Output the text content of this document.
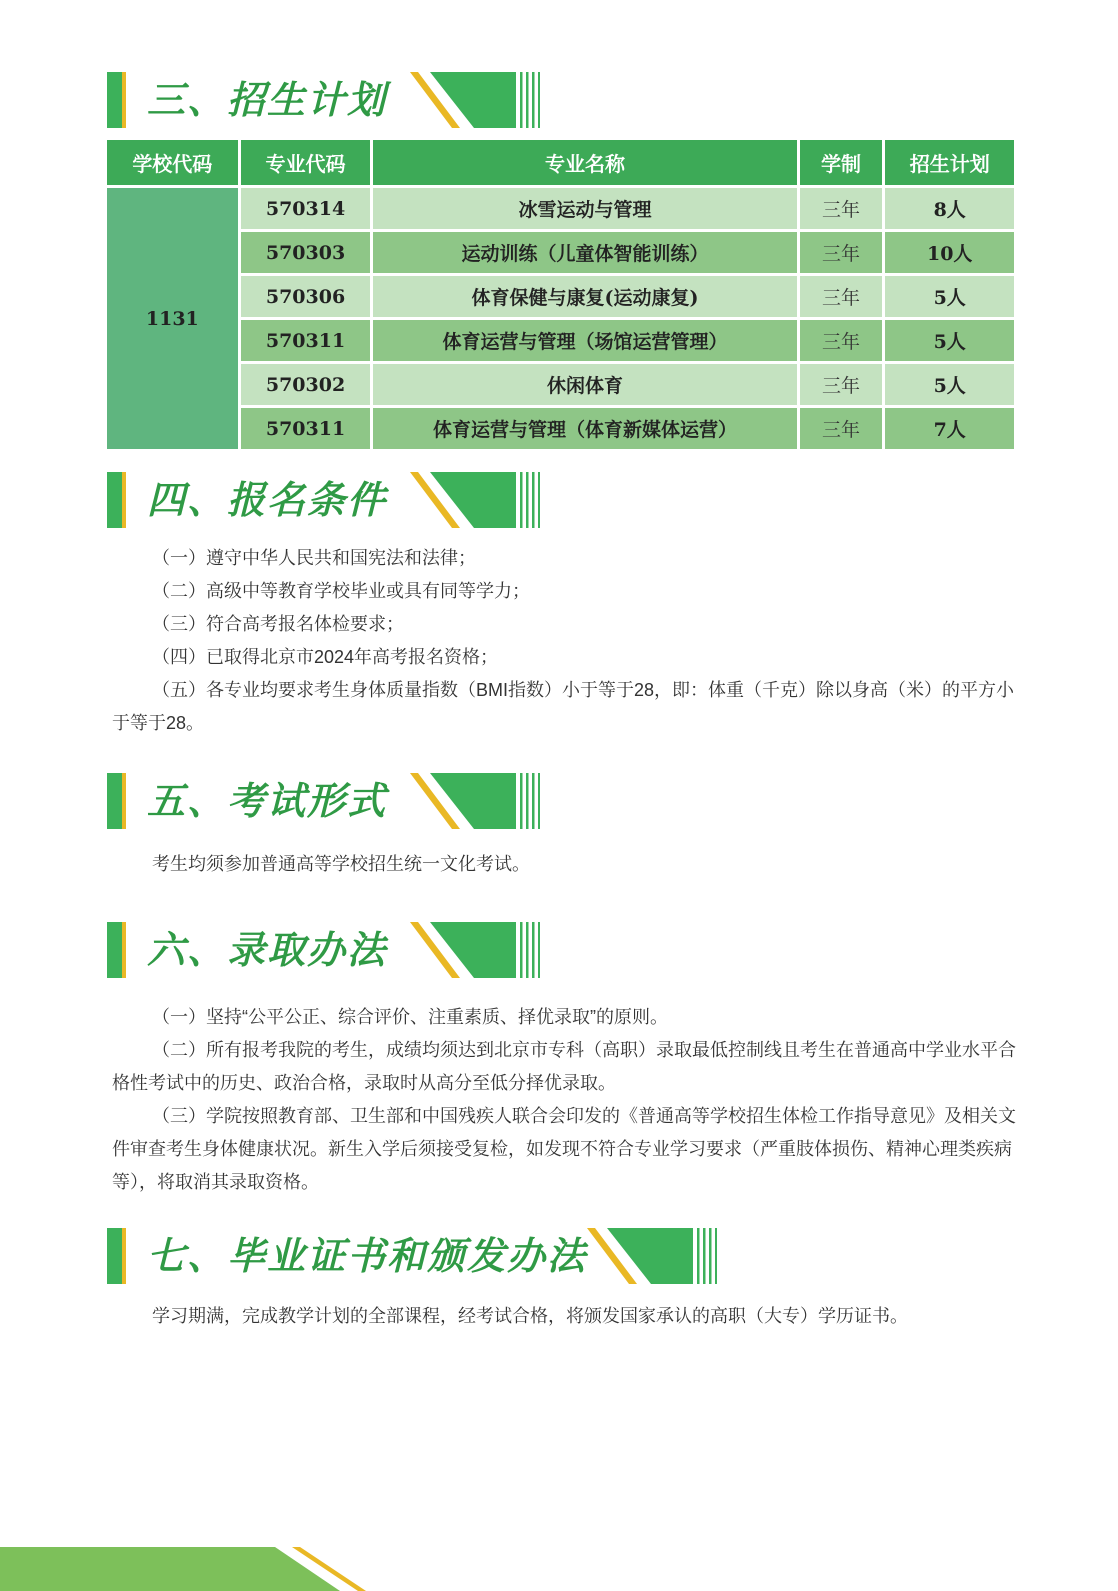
三、招生计划
学校代码	专业代码	专业名称	学制	招生计划
1131	570314	冰雪运动与管理	三年	8人
	570303	运动训练（儿童体智能训练）	三年	10人
	570306	体育保健与康复(运动康复)	三年	5人
	570311	体育运营与管理（场馆运营管理）	三年	5人
	570302	休闲体育	三年	5人
	570311	体育运营与管理（体育新媒体运营）	三年	7人
四、报名条件
（一）遵守中华人民共和国宪法和法律；
（二）高级中等教育学校毕业或具有同等学力；
（三）符合高考报名体检要求；
（四）已取得北京市2024年高考报名资格；
（五）各专业均要求考生身体质量指数（BMI指数）小于等于28，即：体重（千克）除以身高（米）的平方小于等于28。
五、考试形式
考生均须参加普通高等学校招生统一文化考试。
六、录取办法
（一）坚持“公平公正、综合评价、注重素质、择优录取”的原则。
（二）所有报考我院的考生，成绩均须达到北京市专科（高职）录取最低控制线且考生在普通高中学业水平合格性考试中的历史、政治合格，录取时从高分至低分择优录取。
（三）学院按照教育部、卫生部和中国残疾人联合会印发的《普通高等学校招生体检工作指导意见》及相关文件审查考生身体健康状况。新生入学后须接受复检，如发现不符合专业学习要求（严重肢体损伤、精神心理类疾病等），将取消其录取资格。
七、毕业证书和颁发办法
学习期满，完成教学计划的全部课程，经考试合格，将颁发国家承认的高职（大专）学历证书。
